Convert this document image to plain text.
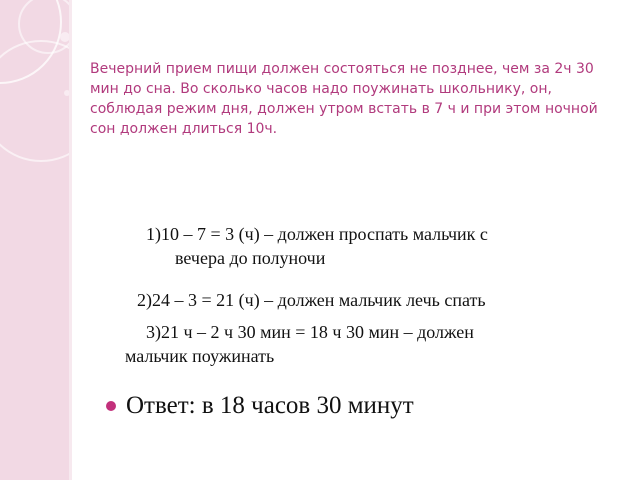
Вечерний прием пищи должен состояться не позднее, чем за 2ч 30 мин до сна. Во сколько часов надо поужинать школьнику, он, соблюдая режим дня, должен утром встать в 7 ч и при этом ночной сон должен длиться 10ч.

1)10 – 7 = 3 (ч) – должен проспать мальчик с
вечера до полуночи

2)24 – 3 = 21 (ч) – должен мальчик лечь спать

3)21 ч – 2 ч 30 мин = 18 ч 30 мин – должен
мальчик поужинать

Ответ: в 18 часов 30 минут
